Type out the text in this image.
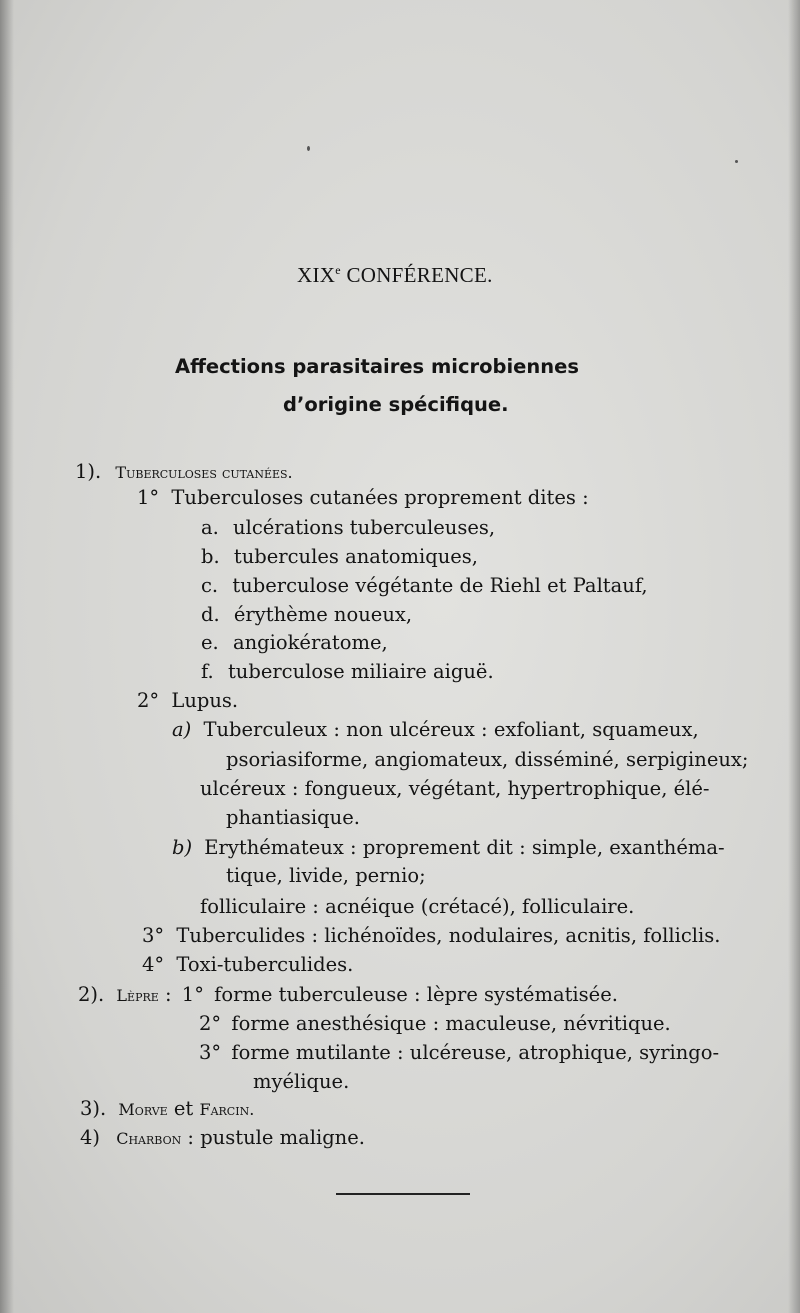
XIXe CONFÉRENCE.
Affections parasitaires microbiennes
d’origine spécifique.
1). Tuberculoses cutanées.
1° Tuberculoses cutanées proprement dites :
a. ulcérations tuberculeuses,
b. tubercules anatomiques,
c. tuberculose végétante de Riehl et Paltauf,
d. érythème noueux,
e. angiokératome,
f. tuberculose miliaire aiguë.
2° Lupus.
a) Tuberculeux : non ulcéreux : exfoliant, squameux,
psoriasiforme, angiomateux, disséminé, serpigineux;
ulcéreux : fongueux, végétant, hypertrophique, élé-
phantiasique.
b) Erythémateux : proprement dit : simple, exanthéma-
tique, livide, pernio;
folliculaire : acnéique (crétacé), folliculaire.
3° Tuberculides : lichénoïdes, nodulaires, acnitis, folliclis.
4° Toxi-tuberculides.
2). Lèpre : 1° forme tuberculeuse : lèpre systématisée.
2° forme anesthésique : maculeuse, névritique.
3° forme mutilante : ulcéreuse, atrophique, syringo-
myélique.
3). Morve et Farcin.
4) Charbon : pustule maligne.
